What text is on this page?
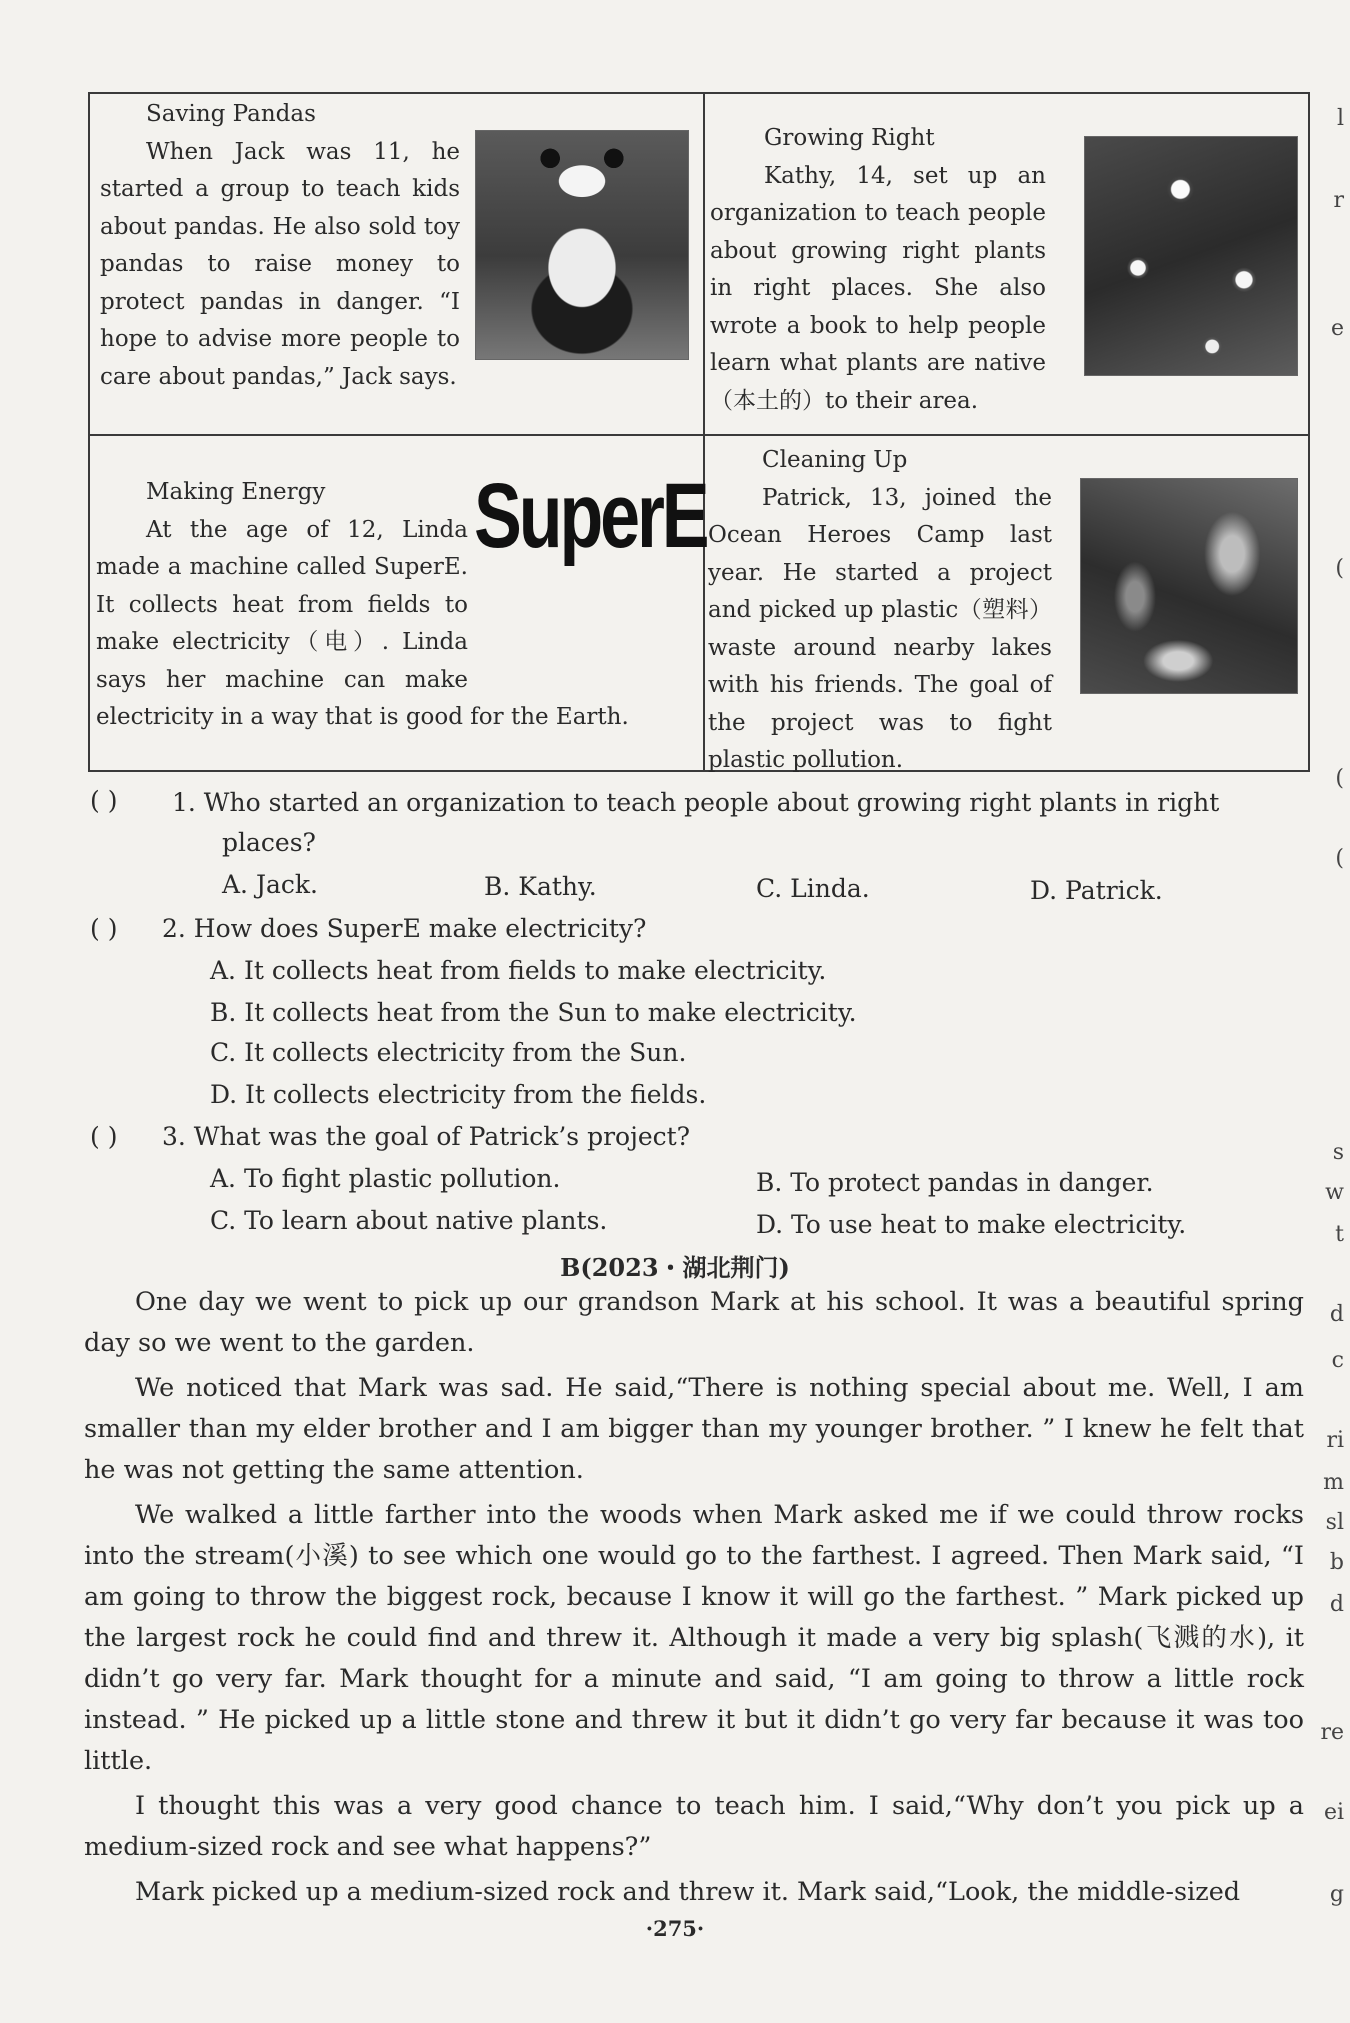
Saving Pandas
When Jack was 11, he started a group to teach kids about pandas. He also sold toy pandas to raise money to protect pandas in danger. “I hope to advise more people to care about pandas,” Jack says.
Growing Right
Kathy, 14, set up an organization to teach people about growing right plants in right places. She also wrote a book to help people learn what plants are native（本土的）to their area.
Making Energy
At the age of 12, Linda made a machine called SuperE. It collects heat from fields to make electricity（电）. Linda says her machine can make electricity in a way that is good for the Earth.
SuperE
Cleaning Up
Patrick, 13, joined the Ocean Heroes Camp last year. He started a project and picked up plastic（塑料）waste around nearby lakes with his friends. The goal of the project was to fight plastic pollution.
( ) 1. Who started an organization to teach people about growing right plants in right
places?
A. Jack.	B. Kathy.	C. Linda.	D. Patrick.
( ) 2. How does SuperE make electricity?
A. It collects heat from fields to make electricity.
B. It collects heat from the Sun to make electricity.
C. It collects electricity from the Sun.
D. It collects electricity from the fields.
( ) 3. What was the goal of Patrick’s project?
A. To fight plastic pollution.	B. To protect pandas in danger.
C. To learn about native plants.	D. To use heat to make electricity.
B(2023・湖北荆门)

One day we went to pick up our grandson Mark at his school. It was a beautiful spring day so we went to the garden.

We noticed that Mark was sad. He said,“There is nothing special about me. Well, I am smaller than my elder brother and I am bigger than my younger brother. ” I knew he felt that he was not getting the same attention.

We walked a little farther into the woods when Mark asked me if we could throw rocks into the stream(小溪) to see which one would go to the farthest. I agreed. Then Mark said, “I am going to throw the biggest rock, because I know it will go the farthest. ” Mark picked up the largest rock he could find and threw it. Although it made a very big splash(飞溅的水), it didn’t go very far. Mark thought for a minute and said, “I am going to throw a little rock instead. ” He picked up a little stone and threw it but it didn’t go very far because it was too little.

I thought this was a very good chance to teach him. I said,“Why don’t you pick up a medium-sized rock and see what happens?”

Mark picked up a medium-sized rock and threw it. Mark said,“Look, the middle-sized

·275·
l
r
e
(
(
(
s
w
t
d
c
ri
m
sl
b
d
re
ei
g
